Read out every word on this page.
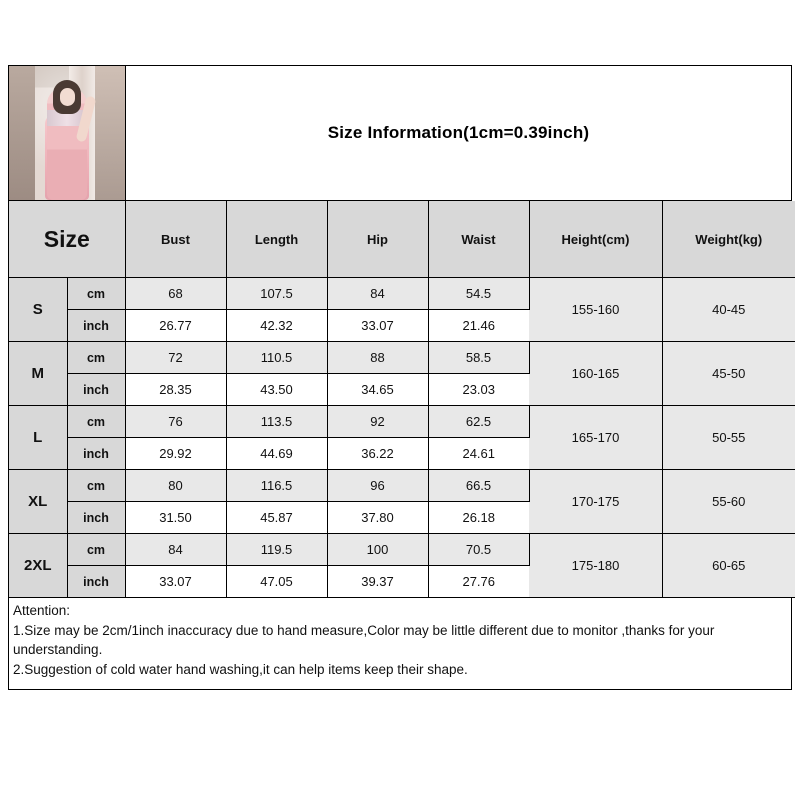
Size Information(1cm=0.39inch)
Size		Bust	Length	Hip	Waist	Height(cm)	Weight(kg)
S	cm	68	107.5	84	54.5	155-160	40-45
	inch	26.77	42.32	33.07	21.46		
M	cm	72	110.5	88	58.5	160-165	45-50
	inch	28.35	43.50	34.65	23.03		
L	cm	76	113.5	92	62.5	165-170	50-55
	inch	29.92	44.69	36.22	24.61		
XL	cm	80	116.5	96	66.5	170-175	55-60
	inch	31.50	45.87	37.80	26.18		
2XL	cm	84	119.5	100	70.5	175-180	60-65
	inch	33.07	47.05	39.37	27.76		
Attention:
1.Size may be 2cm/1inch inaccuracy due to hand measure,Color may be little different due to monitor ,thanks for your understanding.
2.Suggestion of cold water hand washing,it can help items keep their shape.
